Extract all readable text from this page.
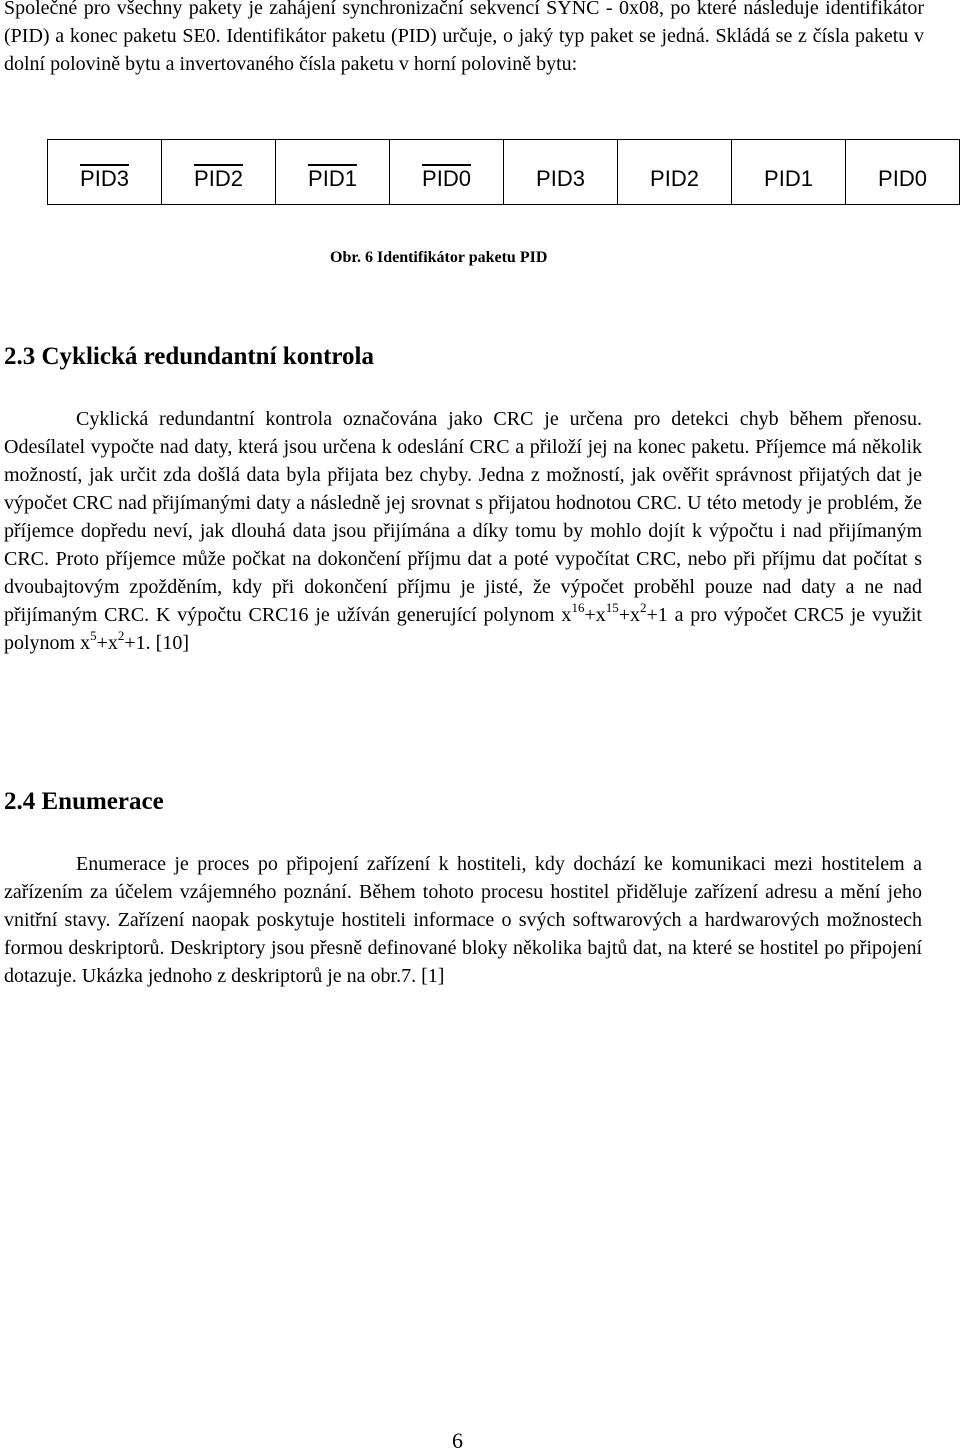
Společné pro všechny pakety je zahájení synchronizační sekvencí SYNC - 0x08, po které následuje identifikátor (PID) a konec paketu SE0. Identifikátor paketu (PID) určuje, o jaký typ paket se jedná. Skládá se z čísla paketu v dolní polovině bytu a invertovaného čísla paketu v horní polovině bytu:

PID3	PID2	PID1	PID0	PID3	PID2	PID1	PID0

Obr. 6 Identifikátor paketu PID

2.3 Cyklická redundantní kontrola

Cyklická redundantní kontrola označována jako CRC je určena pro detekci chyb během přenosu. Odesílatel vypočte nad daty, která jsou určena k odeslání CRC a přiloží jej na konec paketu. Příjemce má několik možností, jak určit zda došlá data byla přijata bez chyby. Jedna z možností, jak ověřit správnost přijatých dat je výpočet CRC nad přijímanými daty a následně jej srovnat s přijatou hodnotou CRC. U této metody je problém, že příjemce dopředu neví, jak dlouhá data jsou přijímána a díky tomu by mohlo dojít k výpočtu i nad přijímaným CRC. Proto příjemce může počkat na dokončení příjmu dat a poté vypočítat CRC, nebo při příjmu dat počítat s dvoubajtovým zpožděním, kdy při dokončení příjmu je jisté, že výpočet proběhl pouze nad daty a ne nad přijímaným CRC. K výpočtu CRC16 je užíván generující polynom $x^{16}+x^{15}+x^2+1$ a pro výpočet CRC5 je využit polynom $x^5+x^2+1$. [10]

2.4 Enumerace

Enumerace je proces po připojení zařízení k hostiteli, kdy dochází ke komunikaci mezi hostitelem a zařízením za účelem vzájemného poznání. Během tohoto procesu hostitel přiděluje zařízení adresu a mění jeho vnitřní stavy. Zařízení naopak poskytuje hostiteli informace o svých softwarových a hardwarových možnostech formou deskriptorů. Deskriptory jsou přesně definované bloky několika bajtů dat, na které se hostitel po připojení dotazuje. Ukázka jednoho z deskriptorů je na obr.7. [1]

6
